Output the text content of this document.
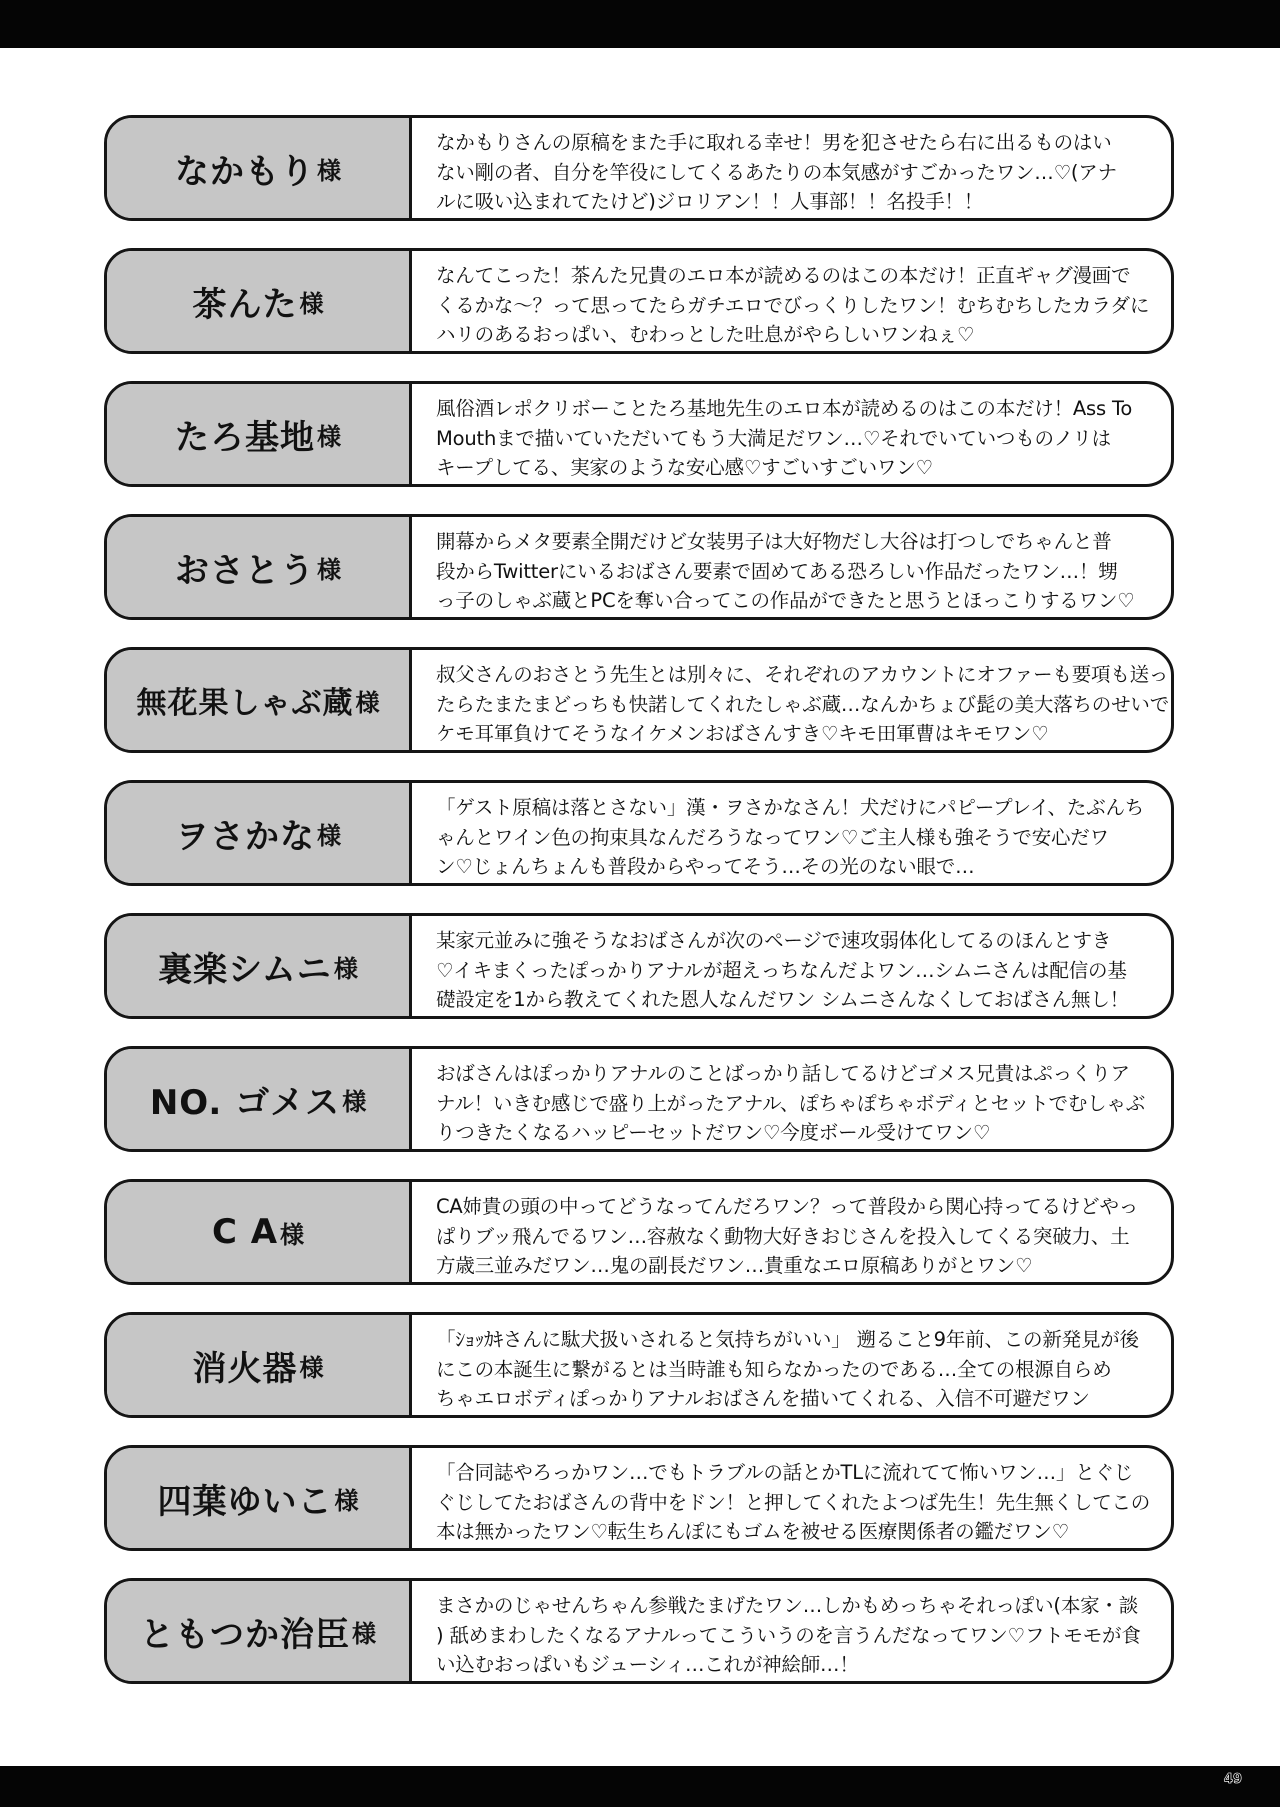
なかもり 様
なかもりさんの原稿をまた手に取れる幸せ！男を犯させたら右に出るものはい
ない剛の者、自分を竿役にしてくるあたりの本気感がすごかったワン…♡(アナ
ルに吸い込まれてたけど)ジロリアン！！人事部！！名投手！！
茶んた 様
なんてこった！茶んた兄貴のエロ本が読めるのはこの本だけ！正直ギャグ漫画で
くるかな～？って思ってたらガチエロでびっくりしたワン！むちむちしたカラダに
ハリのあるおっぱい、むわっとした吐息がやらしいワンねぇ♡
たろ基地 様
風俗酒レポクリボーことたろ基地先生のエロ本が読めるのはこの本だけ！Ass To
Mouthまで描いていただいてもう大満足だワン…♡それでいていつものノリは
キープしてる、実家のような安心感♡すごいすごいワン♡
おさとう 様
開幕からメタ要素全開だけど女装男子は大好物だし大谷は打つしでちゃんと普
段からTwitterにいるおばさん要素で固めてある恐ろしい作品だったワン…！甥
っ子のしゃぶ蔵とPCを奪い合ってこの作品ができたと思うとほっこりするワン♡
無花果しゃぶ蔵 様
叔父さんのおさとう先生とは別々に、それぞれのアカウントにオファーも要項も送っ
たらたまたまどっちも快諾してくれたしゃぶ蔵…なんかちょび髭の美大落ちのせいで
ケモ耳軍負けてそうなイケメンおばさんすき♡キモ田軍曹はキモワン♡
ヲさかな 様
「ゲスト原稿は落とさない」漢・ヲさかなさん！犬だけにパピープレイ、たぶんち
ゃんとワイン色の拘束具なんだろうなってワン♡ご主人様も強そうで安心だワ
ン♡じょんちょんも普段からやってそう…その光のない眼で…
裏楽シムニ 様
某家元並みに強そうなおばさんが次のページで速攻弱体化してるのほんとすき
♡イキまくったぽっかりアナルが超えっちなんだよワン…シムニさんは配信の基
礎設定を1から教えてくれた恩人なんだワン シムニさんなくしておばさん無し！
NO. ゴメス 様
おばさんはぽっかりアナルのことばっかり話してるけどゴメス兄貴はぷっくりア
ナル！いきむ感じで盛り上がったアナル、ぽちゃぽちゃボディとセットでむしゃぶ
りつきたくなるハッピーセットだワン♡今度ボール受けてワン♡
C A 様
CA姉貴の頭の中ってどうなってんだろワン？って普段から関心持ってるけどやっ
ぱりブッ飛んでるワン…容赦なく動物大好きおじさんを投入してくる突破力、土
方歳三並みだワン…鬼の副長だワン…貴重なエロ原稿ありがとワン♡
消火器 様
「ｼｮｯｶｷさんに駄犬扱いされると気持ちがいい」 遡ること9年前、この新発見が後
にこの本誕生に繋がるとは当時誰も知らなかったのである…全ての根源自らめ
ちゃエロボディぽっかりアナルおばさんを描いてくれる、入信不可避だワン
四葉ゆいこ 様
「合同誌やろっかワン…でもトラブルの話とかTLに流れてて怖いワン…」とぐじ
ぐじしてたおばさんの背中をドン！と押してくれたよつば先生！先生無くしてこの
本は無かったワン♡転生ちんぽにもゴムを被せる医療関係者の鑑だワン♡
ともつか治臣 様
まさかのじゃせんちゃん参戦たまげたワン…しかもめっちゃそれっぽい(本家・談
) 舐めまわしたくなるアナルってこういうのを言うんだなってワン♡フトモモが食
い込むおっぱいもジューシィ…これが神絵師…！
49
